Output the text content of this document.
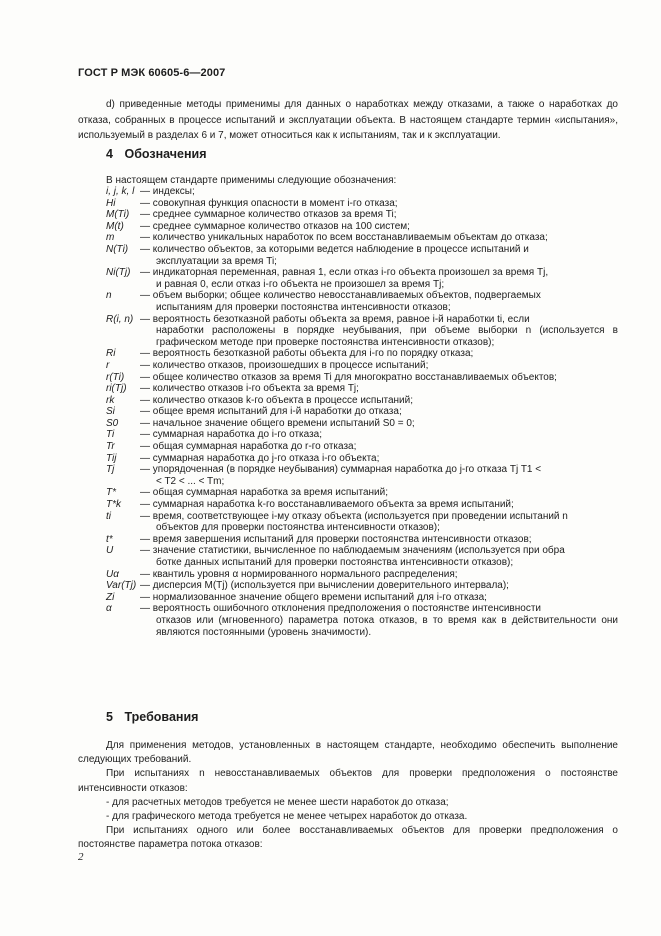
ГОСТ Р МЭК 60605-6—2007
d) приведенные методы применимы для данных о наработках между отказами, а также о наработках до отказа, собранных в процессе испытаний и эксплуатации объекта. В настоящем стандарте термин «испытания», используемый в разделах 6 и 7, может относиться как к испытаниям, так и к эксплуатации.
4 Обозначения
В настоящем стандарте применимы следующие обозначения:
i, j, k, l — индексы;
Hi	— совокупная функция опасности в момент i-го отказа;
M(Ti)	— среднее суммарное количество отказов за время Ti;
M(t)	— среднее суммарное количество отказов на 100 систем;
m	— количество уникальных наработок по всем восстанавливаемым объектам до отказа;
N(Ti)	— количество объектов, за которыми ведется наблюдение в процессе испытаний и
эксплуатации за время Ti;
Ni(Tj) — индикаторная переменная, равная 1, если отказ i-го объекта произошел за время Tj,
и равная 0, если отказ i-го объекта не произошел за время Tj;
n	— объем выборки; общее количество невосстанавливаемых объектов, подвергаемых
испытаниям для проверки постоянства интенсивности отказов;
R(i, n) — вероятность безотказной работы объекта за время, равное i-й наработки ti, если
наработки расположены в порядке неубывания, при объеме выборки n (используется в графическом методе при проверке постоянства интенсивности отказов);
Ri	— вероятность безотказной работы объекта для i-го по порядку отказа;
r	— количество отказов, произошедших в процессе испытаний;
r(Ti)	— общее количество отказов за время Ti для многократно восстанавливаемых объектов;
ri(Tj)	— количество отказов i-го объекта за время Tj;
rk	— количество отказов k-го объекта в процессе испытаний;
Si	— общее время испытаний для i-й наработки до отказа;
S0	— начальное значение общего времени испытаний S0 = 0;
Ti	— суммарная наработка до i-го отказа;
Tr	— общая суммарная наработка до r-го отказа;
Tij	— суммарная наработка до j-го отказа i-го объекта;
Tj	— упорядоченная (в порядке неубывания) суммарная наработка до j-го отказа Tj T1 <
< T2 < ... < Tm;
T*	— общая суммарная наработка за время испытаний;
T*k	— суммарная наработка k-го восстанавливаемого объекта за время испытаний;
ti	— время, соответствующее i-му отказу объекта (используется при проведении испытаний n
объектов для проверки постоянства интенсивности отказов);
t*	— время завершения испытаний для проверки постоянства интенсивности отказов;
U	— значение статистики, вычисленное по наблюдаемым значениям (используется при обра
ботке данных испытаний для проверки постоянства интенсивности отказов);
Uα	— квантиль уровня α нормированного нормального распределения;
Var(Tj) — дисперсия M(Tj) (используется при вычислении доверительного интервала);
Zi	— нормализованное значение общего времени испытаний для i-го отказа;
α	— вероятность ошибочного отклонения предположения о постоянстве интенсивности
отказов или (мгновенного) параметра потока отказов, в то время как в действительности они являются постоянными (уровень значимости).
5 Требования

Для применения методов, установленных в настоящем стандарте, необходимо обеспечить выполнение следующих требований.

При испытаниях n невосстанавливаемых объектов для проверки предположения о постоянстве интенсивности отказов:

- для расчетных методов требуется не менее шести наработок до отказа;

- для графического метода требуется не менее четырех наработок до отказа.

При испытаниях одного или более восстанавливаемых объектов для проверки предположения о постоянстве параметра потока отказов:

2
